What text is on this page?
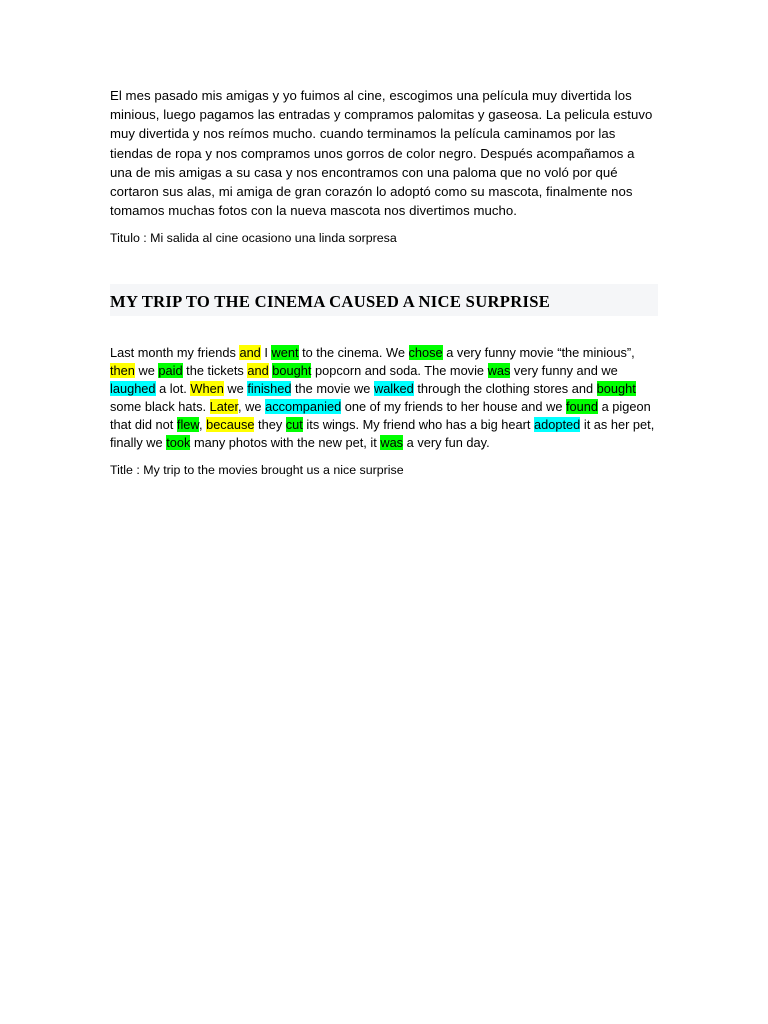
El mes pasado mis amigas y yo fuimos al cine, escogimos una película muy divertida los minious, luego pagamos las entradas y compramos palomitas y gaseosa. La pelicula estuvo muy divertida y nos reímos mucho. cuando terminamos la película caminamos por las tiendas de ropa y nos compramos unos gorros de color negro. Después acompañamos a una de mis amigas a su casa y nos encontramos con una paloma que no voló por qué cortaron sus alas, mi amiga de gran corazón lo adoptó como su mascota, finalmente nos tomamos muchas fotos con la nueva mascota nos divertimos mucho.

Titulo : Mi salida al cine ocasiono una linda sorpresa

MY TRIP TO THE CINEMA CAUSED A NICE SURPRISE

Last month my friends and I went to the cinema. We chose a very funny movie “the minious”, then we paid the tickets and bought popcorn and soda. The movie was very funny and we laughed a lot. When we finished the movie we walked through the clothing stores and bought some black hats. Later, we accompanied one of my friends to her house and we found a pigeon that did not flew, because they cut its wings. My friend who has a big heart adopted it as her pet, finally we took many photos with the new pet, it was a very fun day.

Title : My trip to the movies brought us a nice surprise
